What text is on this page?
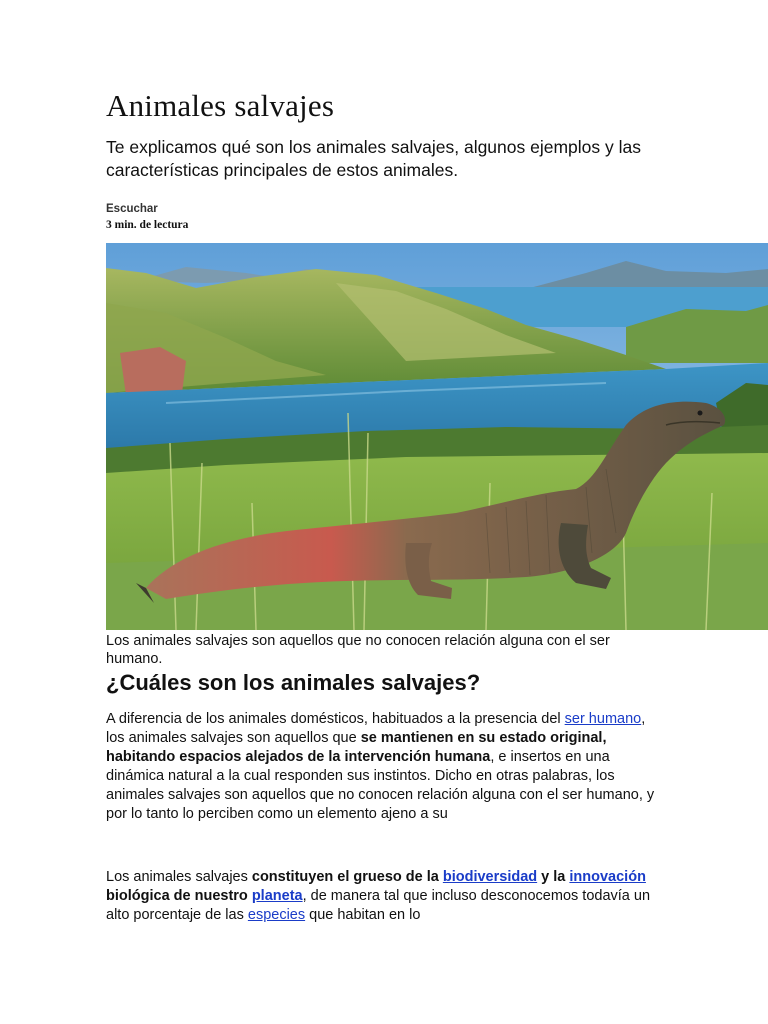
Animales salvajes

Te explicamos qué son los animales salvajes, algunos ejemplos y las características principales de estos animales.

Escuchar
3 min. de lectura

Los animales salvajes son aquellos que no conocen relación alguna con el ser humano.

¿Cuáles son los animales salvajes?

A diferencia de los animales domésticos, habituados a la presencia del ser humano, los animales salvajes son aquellos que se mantienen en su estado original, habitando espacios alejados de la intervención humana, e insertos en una dinámica natural a la cual responden sus instintos. Dicho en otras palabras, los animales salvajes son aquellos que no conocen relación alguna con el ser humano, y por lo tanto lo perciben como un elemento ajeno a su

Los animales salvajes constituyen el grueso de la biodiversidad y la innovación biológica de nuestro planeta, de manera tal que incluso desconocemos todavía un alto porcentaje de las especies que habitan en lo
